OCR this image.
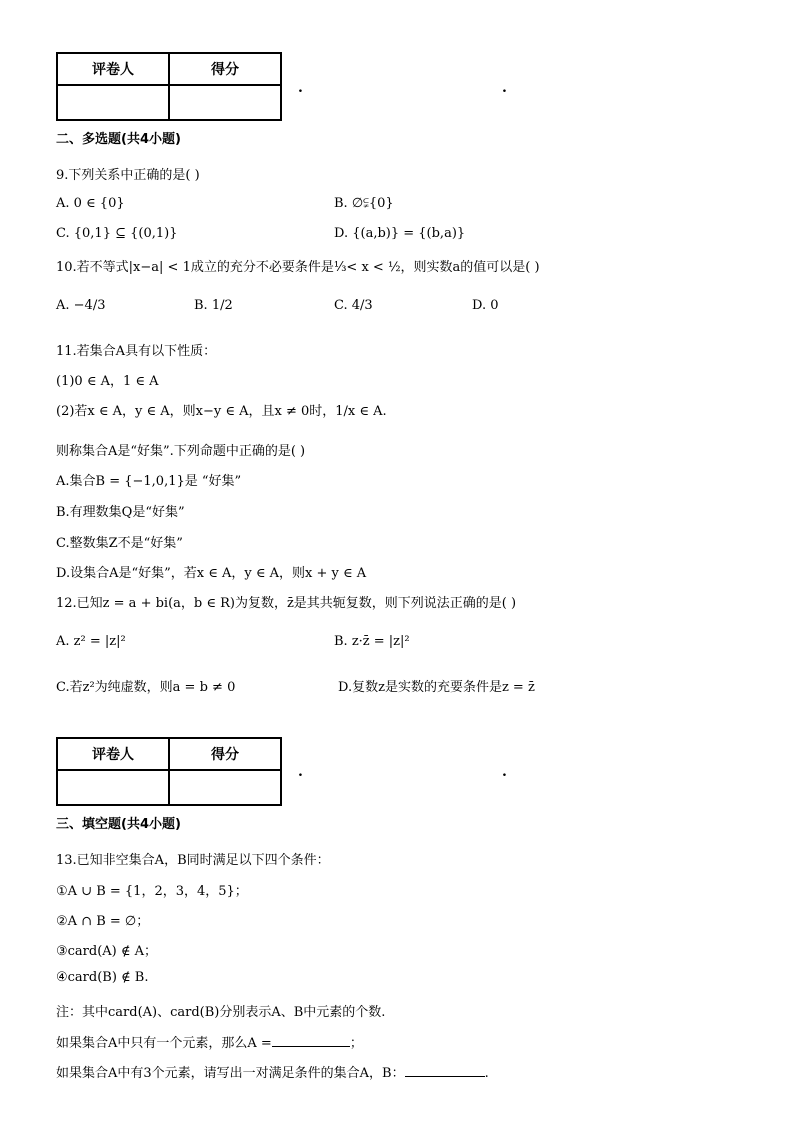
评卷人	得分

.	.
二、多选题(共4小题)
9.下列关系中正确的是( )
A. 0 ∈ {0}	B. ∅⫋{0}
C. {0,1} ⊆ {(0,1)}	D. {(a,b)} = {(b,a)}
10.若不等式|x−a| < 1成立的充分不必要条件是⅓< x < ½，则实数a的值可以是( )
A. −4/3	B. 1/2	C. 4/3	D. 0
11.若集合A具有以下性质：
(1)0 ∈ A，1 ∈ A
(2)若x ∈ A，y ∈ A，则x−y ∈ A，且x ≠ 0时，1/x ∈ A.
则称集合A是“好集”.下列命题中正确的是( )
A.集合B = {−1,0,1}是 “好集”
B.有理数集Q是“好集”
C.整数集Z不是“好集”
D.设集合A是“好集”，若x ∈ A，y ∈ A，则x + y ∈ A
12.已知z = a + bi(a，b ∈ R)为复数，z̄是其共轭复数，则下列说法正确的是( )
A. z² = |z|²	B. z·z̄ = |z|²
C.若z²为纯虚数，则a = b ≠ 0	D.复数z是实数的充要条件是z = z̄
评卷人	得分

.	.
三、填空题(共4小题)
13.已知非空集合A，B同时满足以下四个条件：
①A ∪ B = {1，2，3，4，5}；
②A ∩ B = ∅；
③card(A) ∉ A；
④card(B) ∉ B.
注：其中card(A)、card(B)分别表示A、B中元素的个数.
如果集合A中只有一个元素，那么A =	；
如果集合A中有3个元素，请写出一对满足条件的集合A，B：	.
